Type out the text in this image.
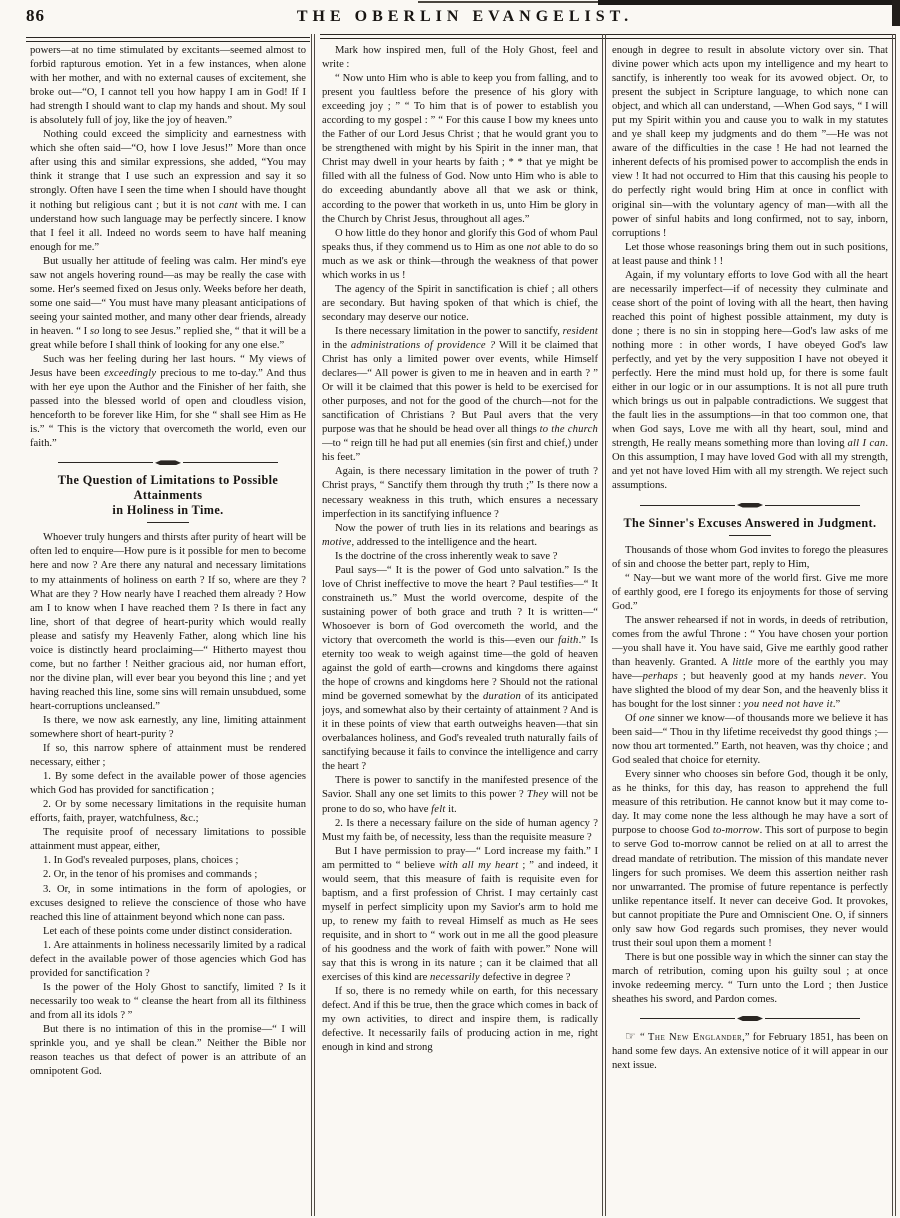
86	THE OBERLIN EVANGELIST.

powers—at no time stimulated by excitants—seemed almost to forbid rapturous emotion. Yet in a few instances, when alone with her mother, and with no external causes of excitement, she broke out—“O, I cannot tell you how happy I am in God! If I had strength I should want to clap my hands and shout. My soul is absolutely full of joy, like the joy of heaven.”

Nothing could exceed the simplicity and earnestness with which she often said—“O, how I love Jesus!” More than once after using this and similar expressions, she added, “You may think it strange that I use such an expression and say it so strongly. Often have I seen the time when I should have thought it nothing but religious cant ; but it is not cant with me. I can understand how such language may be perfectly sincere. I know that I feel it all. Indeed no words seem to have half meaning enough for me.”

But usually her attitude of feeling was calm. Her mind's eye saw not angels hovering round—as may be really the case with some. Her's seemed fixed on Jesus only. Weeks before her death, some one said—“ You must have many pleasant anticipations of seeing your sainted mother, and many other dear friends, already in heaven. “ I so long to see Jesus.” replied she, “ that it will be a great while before I shall think of looking for any one else.”

Such was her feeling during her last hours. “ My views of Jesus have been exceedingly precious to me to-day.” And thus with her eye upon the Author and the Finisher of her faith, she passed into the blessed world of open and cloudless vision, henceforth to be forever like Him, for she “ shall see Him as He is.” “ This is the victory that overcometh the world, even our faith.”

The Question of Limitations to Possible Attainments
in Holiness in Time.

Whoever truly hungers and thirsts after purity of heart will be often led to enquire—How pure is it possible for men to become here and now ? Are there any natural and necessary limitations to my attainments of holiness on earth ? If so, where are they ? What are they ? How nearly have I reached them already ? How am I to know when I have reached them ? Is there in fact any line, short of that degree of heart-purity which would really please and satisfy my Heavenly Father, along which line his voice is distinctly heard proclaiming—“ Hitherto mayest thou come, but no farther ! Neither gracious aid, nor human effort, nor the divine plan, will ever bear you beyond this line ; and yet having reached this line, some sins will remain unsubdued, some heart-corruptions uncleansed.”

Is there, we now ask earnestly, any line, limiting attainment somewhere short of heart-purity ?

If so, this narrow sphere of attainment must be rendered necessary, either ;

1. By some defect in the available power of those agencies which God has provided for sanctification ;

2. Or by some necessary limitations in the requisite human efforts, faith, prayer, watchfulness, &c.;

The requisite proof of necessary limitations to possible attainment must appear, either,

1. In God's revealed purposes, plans, choices ;

2. Or, in the tenor of his promises and commands ;

3. Or, in some intimations in the form of apologies, or excuses designed to relieve the conscience of those who have reached this line of attainment beyond which none can pass.

Let each of these points come under distinct consideration.

1. Are attainments in holiness necessarily limited by a radical defect in the available power of those agencies which God has provided for sanctification ?

Is the power of the Holy Ghost to sanctify, limited ? Is it necessarily too weak to “ cleanse the heart from all its filthiness and from all its idols ? ”

But there is no intimation of this in the promise—“ I will sprinkle you, and ye shall be clean.” Neither the Bible nor reason teaches us that defect of power is an attribute of an omnipotent God.

Mark how inspired men, full of the Holy Ghost, feel and write :

“ Now unto Him who is able to keep you from falling, and to present you faultless before the presence of his glory with exceeding joy ; ” “ To him that is of power to establish you according to my gospel : ” “ For this cause I bow my knees unto the Father of our Lord Jesus Christ ; that he would grant you to be strengthened with might by his Spirit in the inner man, that Christ may dwell in your hearts by faith ; * * that ye might be filled with all the fulness of God. Now unto Him who is able to do exceeding abundantly above all that we ask or think, according to the power that worketh in us, unto Him be glory in the Church by Christ Jesus, throughout all ages.”

O how little do they honor and glorify this God of whom Paul speaks thus, if they commend us to Him as one not able to do so much as we ask or think—through the weakness of that power which works in us !

The agency of the Spirit in sanctification is chief ; all others are secondary. But having spoken of that which is chief, the secondary may deserve our notice.

Is there necessary limitation in the power to sanctify, resident in the administrations of providence ? Will it be claimed that Christ has only a limited power over events, while Himself declares—“ All power is given to me in heaven and in earth ? ” Or will it be claimed that this power is held to be exercised for other purposes, and not for the good of the church—not for the sanctification of Christians ? But Paul avers that the very purpose was that he should be head over all things to the church—to “ reign till he had put all enemies (sin first and chief,) under his feet.”

Again, is there necessary limitation in the power of truth ? Christ prays, “ Sanctify them through thy truth ;” Is there now a necessary weakness in this truth, which ensures a necessary imperfection in its sanctifying influence ?

Now the power of truth lies in its relations and bearings as motive, addressed to the intelligence and the heart.

Is the doctrine of the cross inherently weak to save ?

Paul says—“ It is the power of God unto salvation.” Is the love of Christ ineffective to move the heart ? Paul testifies—“ It constraineth us.” Must the world overcome, despite of the sustaining power of both grace and truth ? It is written—“ Whosoever is born of God overcometh the world, and the victory that overcometh the world is this—even our faith.” Is eternity too weak to weigh against time—the gold of heaven against the gold of earth—crowns and kingdoms there against the hope of crowns and kingdoms here ? Should not the rational mind be governed somewhat by the duration of its anticipated joys, and somewhat also by their certainty of attainment ? And is it in these points of view that earth outweighs heaven—that sin overbalances holiness, and God's revealed truth naturally fails of sanctifying because it fails to convince the intelligence and carry the heart ?

There is power to sanctify in the manifested presence of the Savior. Shall any one set limits to this power ? They will not be prone to do so, who have felt it.

2. Is there a necessary failure on the side of human agency ? Must my faith be, of necessity, less than the requisite measure ?

But I have permission to pray—“ Lord increase my faith.” I am permitted to “ believe with all my heart ; ” and indeed, it would seem, that this measure of faith is requisite even for baptism, and a first profession of Christ. I may certainly cast myself in perfect simplicity upon my Savior's arm to hold me up, to renew my faith to reveal Himself as much as He sees requisite, and in short to “ work out in me all the good pleasure of his goodness and the work of faith with power.” None will say that this is wrong in its nature ; can it be claimed that all exercises of this kind are necessarily defective in degree ?

If so, there is no remedy while on earth, for this necessary defect. And if this be true, then the grace which comes in back of my own activities, to direct and inspire them, is radically defective. It necessarily fails of producing action in me, right enough in kind and strong

enough in degree to result in absolute victory over sin. That divine power which acts upon my intelligence and my heart to sanctify, is inherently too weak for its avowed object. Or, to present the subject in Scripture language, to which none can object, and which all can understand, —When God says, “ I will put my Spirit within you and cause you to walk in my statutes and ye shall keep my judgments and do them ”—He was not aware of the difficulties in the case ! He had not learned the inherent defects of his promised power to accomplish the ends in view ! It had not occurred to Him that this causing his people to do perfectly right would bring Him at once in conflict with original sin—with the voluntary agency of man—with all the power of sinful habits and long confirmed, not to say, inborn, corruptions !

Let those whose reasonings bring them out in such positions, at least pause and think ! !

Again, if my voluntary efforts to love God with all the heart are necessarily imperfect—if of necessity they culminate and cease short of the point of loving with all the heart, then having reached this point of highest possible attainment, my duty is done ; there is no sin in stopping here—God's law asks of me nothing more : in other words, I have obeyed God's law perfectly, and yet by the very supposition I have not obeyed it perfectly. Here the mind must hold up, for there is some fault either in our logic or in our assumptions. It is not all pure truth which brings us out in palpable contradictions. We suggest that the fault lies in the assumptions—in that too common one, that when God says, Love me with all thy heart, soul, mind and strength, He really means something more than loving all I can. On this assumption, I may have loved God with all my strength, and yet not have loved Him with all my strength. We reject such assumptions.

The Sinner's Excuses Answered in Judgment.

Thousands of those whom God invites to forego the pleasures of sin and choose the better part, reply to Him,

“ Nay—but we want more of the world first. Give me more of earthly good, ere I forego its enjoyments for those of serving God.”

The answer rehearsed if not in words, in deeds of retribution, comes from the awful Throne : “ You have chosen your portion—you shall have it. You have said, Give me earthly good rather than heavenly. Granted. A little more of the earthly you may have—perhaps ; but heavenly good at my hands never. You have slighted the blood of my dear Son, and the heavenly bliss it has bought for the lost sinner : you need not have it.”

Of one sinner we know—of thousands more we believe it has been said—“ Thou in thy lifetime receivedst thy good things ;—now thou art tormented.” Earth, not heaven, was thy choice ; and God sealed that choice for eternity.

Every sinner who chooses sin before God, though it be only, as he thinks, for this day, has reason to apprehend the full measure of this retribution. He cannot know but it may come to-day. It may come none the less although he may have a sort of purpose to choose God to-morrow. This sort of purpose to begin to serve God to-morrow cannot be relied on at all to arrest the dread mandate of retribution. The mission of this mandate never lingers for such promises. We deem this assertion neither rash nor unwarranted. The promise of future repentance is perfectly unlike repentance itself. It never can deceive God. It provokes, but cannot propitiate the Pure and Omniscient One. O, if sinners only saw how God regards such promises, they never would trust their soul upon them a moment !

There is but one possible way in which the sinner can stay the march of retribution, coming upon his guilty soul ; at once invoke redeeming mercy. “ Turn unto the Lord ; then Justice sheathes his sword, and Pardon comes.

☞ “ The New Englander,” for February 1851, has been on hand some few days. An extensive notice of it will appear in our next issue.
